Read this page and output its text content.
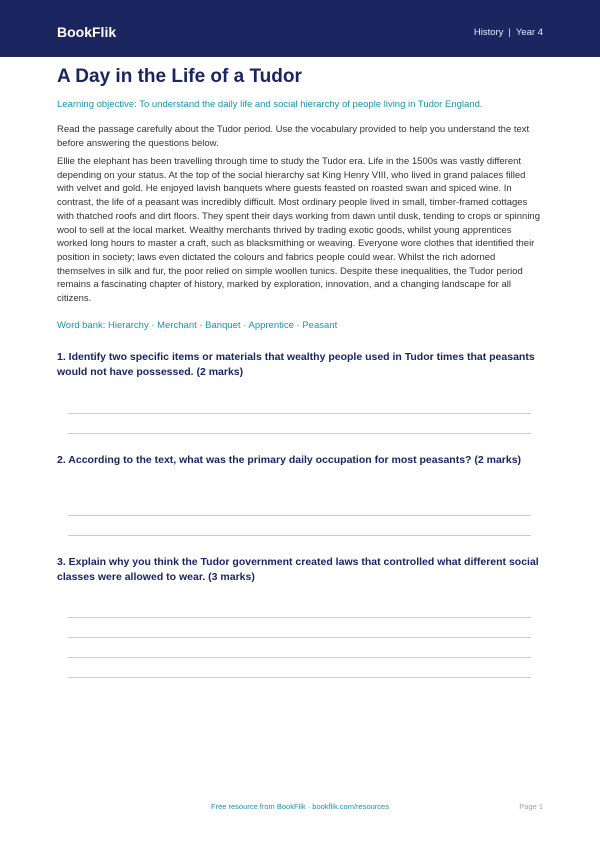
BookFlik	History | Year 4
A Day in the Life of a Tudor

Learning objective: To understand the daily life and social hierarchy of people living in Tudor England.

Read the passage carefully about the Tudor period. Use the vocabulary provided to help you understand the text before answering the questions below.

Ellie the elephant has been travelling through time to study the Tudor era. Life in the 1500s was vastly different depending on your status. At the top of the social hierarchy sat King Henry VIII, who lived in grand palaces filled with velvet and gold. He enjoyed lavish banquets where guests feasted on roasted swan and spiced wine. In contrast, the life of a peasant was incredibly difficult. Most ordinary people lived in small, timber-framed cottages with thatched roofs and dirt floors. They spent their days working from dawn until dusk, tending to crops or spinning wool to sell at the local market. Wealthy merchants thrived by trading exotic goods, whilst young apprentices worked long hours to master a craft, such as blacksmithing or weaving. Everyone wore clothes that identified their position in society; laws even dictated the colours and fabrics people could wear. Whilst the rich adorned themselves in silk and fur, the poor relied on simple woollen tunics. Despite these inequalities, the Tudor period remains a fascinating chapter of history, marked by exploration, innovation, and a changing landscape for all citizens.

Word bank: Hierarchy · Merchant · Banquet · Apprentice · Peasant

1. Identify two specific items or materials that wealthy people used in Tudor times that peasants would not have possessed. (2 marks)

2. According to the text, what was the primary daily occupation for most peasants? (2 marks)

3. Explain why you think the Tudor government created laws that controlled what different social classes were allowed to wear. (3 marks)

Free resource from BookFlik · bookflik.com/resources	Page 1
